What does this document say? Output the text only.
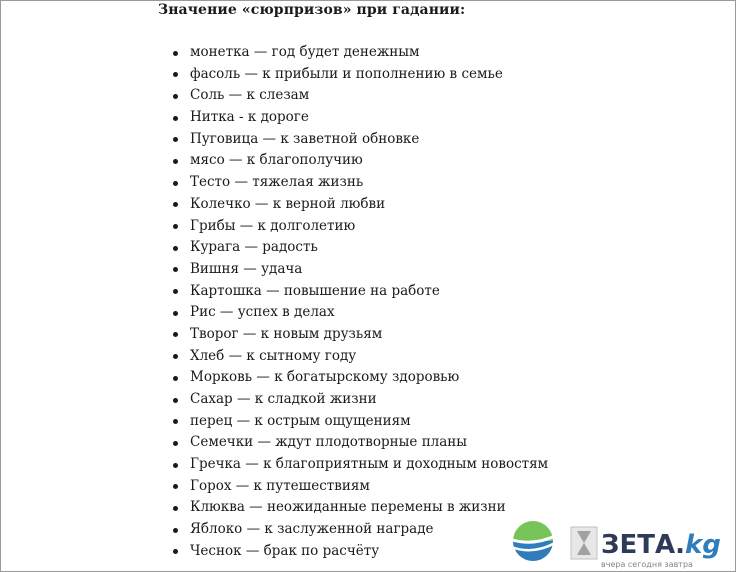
Значение «сюрпризов» при гадании:
монетка — год будет денежным
фасоль — к прибыли и пополнению в семье
Соль — к слезам
Нитка - к дороге
Пуговица — к заветной обновке
мясо — к благополучию
Тесто — тяжелая жизнь
Колечко — к верной любви
Грибы — к долголетию
Курага — радость
Вишня — удача
Картошка — повышение на работе
Рис — успех в делах
Творог — к новым друзьям
Хлеб — к сытному году
Морковь — к богатырскому здоровью
Сахар — к сладкой жизни
перец — к острым ощущениям
Семечки — ждут плодотворные планы
Гречка — к благоприятным и доходным новостям
Горох — к путешествиям
Клюква — неожиданные перемены в жизни
Яблоко — к заслуженной награде
Чеснок — брак по расчёту	ЗЕТА.kg
вчера сегодня завтра
